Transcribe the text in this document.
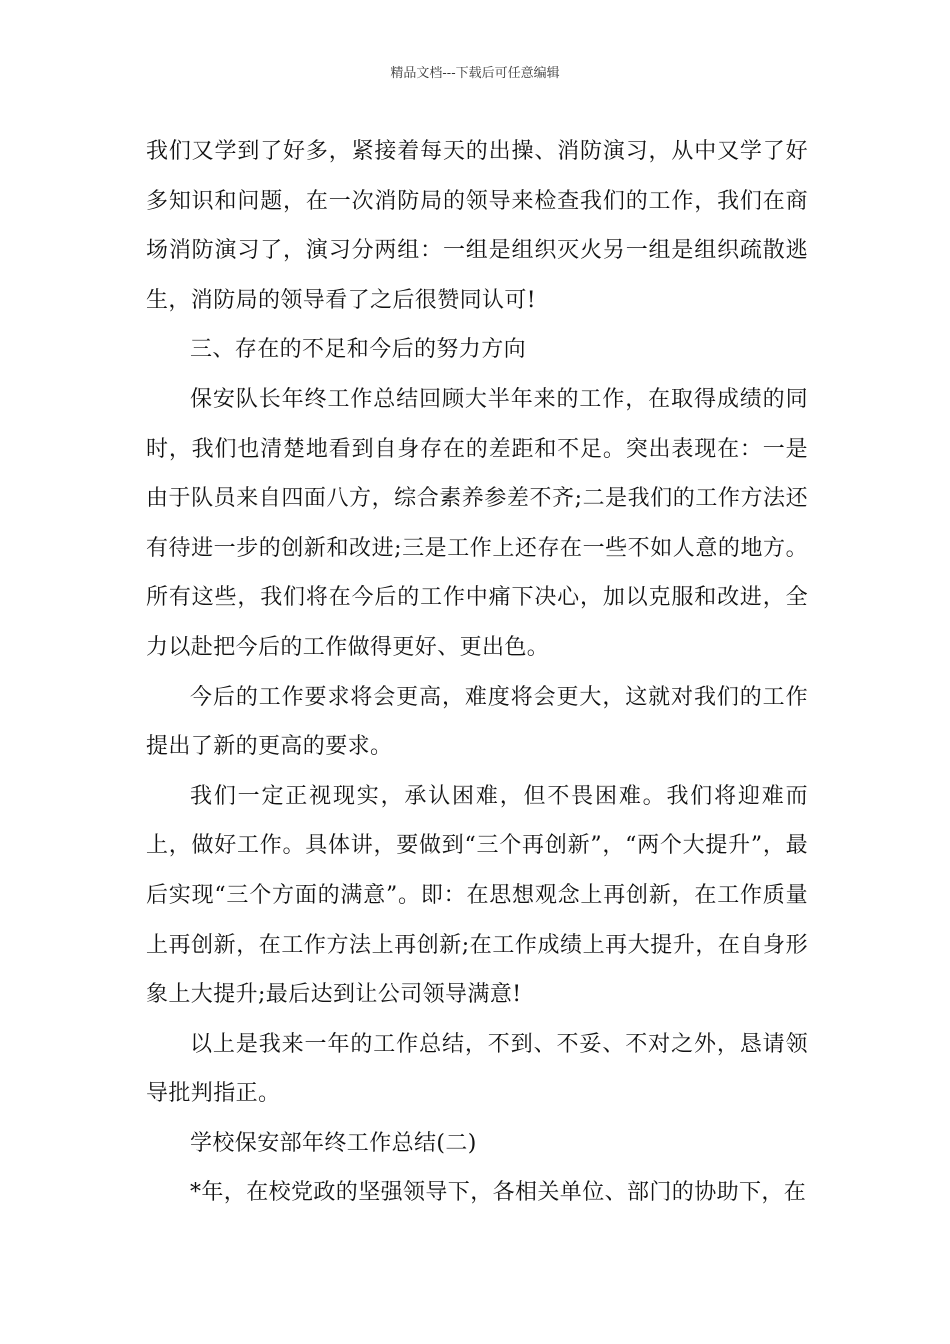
精品文档---下载后可任意编辑

我们又学到了好多，紧接着每天的出操、消防演习，从中又学了好多知识和问题，在一次消防局的领导来检查我们的工作，我们在商场消防演习了，演习分两组：一组是组织灭火另一组是组织疏散逃生，消防局的领导看了之后很赞同认可!

三、存在的不足和今后的努力方向

保安队长年终工作总结回顾大半年来的工作，在取得成绩的同时，我们也清楚地看到自身存在的差距和不足。突出表现在：一是由于队员来自四面八方，综合素养参差不齐;二是我们的工作方法还有待进一步的创新和改进;三是工作上还存在一些不如人意的地方。所有这些，我们将在今后的工作中痛下决心，加以克服和改进，全力以赴把今后的工作做得更好、更出色。

今后的工作要求将会更高，难度将会更大，这就对我们的工作提出了新的更高的要求。

我们一定正视现实，承认困难，但不畏困难。我们将迎难而上，做好工作。具体讲，要做到“三个再创新”，“两个大提升”，最后实现“三个方面的满意”。即：在思想观念上再创新，在工作质量上再创新，在工作方法上再创新;在工作成绩上再大提升，在自身形象上大提升;最后达到让公司领导满意!

以上是我来一年的工作总结，不到、不妥、不对之外，恳请领导批判指正。

学校保安部年终工作总结(二)

*年，在校党政的坚强领导下，各相关单位、部门的协助下，在
